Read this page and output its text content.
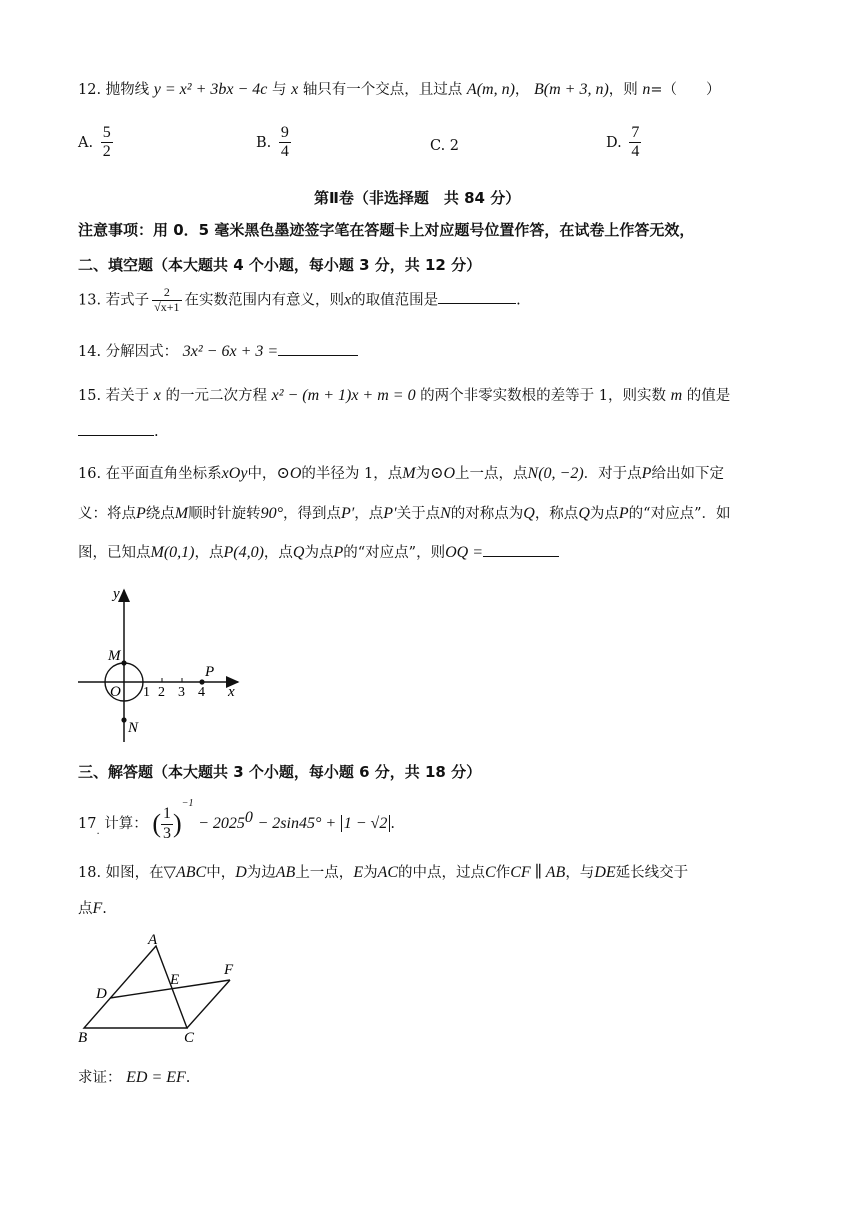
12. 抛物线 y = x² + 3bx − 4c 与 x 轴只有一个交点，且过点 A(m, n)， B(m + 3, n)，则 n=（　　）
A. $\frac{5}{2}$	B. $\frac{9}{4}$	C. 2	D. $\frac{7}{4}$
第Ⅱ卷（非选择题　共 84 分）
注意事项：用 0．5 毫米黑色墨迹签字笔在答题卡上对应题号位置作答，在试卷上作答无效，
二、填空题（本大题共 4 个小题，每小题 3 分，共 12 分）
13. 若式子 $\frac{2}{√x+1}$ 在实数范围内有意义，则x的取值范围是	.
14. 分解因式： 3x² − 6x + 3 =
15. 若关于 x 的一元二次方程 x² − (m + 1)x + m = 0 的两个非零实数根的差等于 1，则实数 m 的值是
.
16. 在平面直角坐标系xOy中，⊙O的半径为 1，点M为⊙O上一点，点N(0, −2)．对于点P给出如下定
义：将点P绕点M顺时针旋转90°，得到点P′，点P′关于点N的对称点为Q，称点Q为点P的“对应点”．如
图，已知点M(0,1)，点P(4,0)，点Q为点P的“对应点”，则OQ =
y
x
M
O
P
N
1 2 3 4
三、解答题（本大题共 3 个小题，每小题 6 分，共 18 分）
$17_.$ 计算： ( $\frac{1}{3} )^{-1} - 2025^0 - 2\sin 45^\circ + 1 - √2$ .
18. 如图，在▽ABC中，D为边AB上一点，E为AC的中点，过点C作CF ∥ AB，与DE延长线交于
点F.
A
B	C
D
E
F
求证： ED = EF.
